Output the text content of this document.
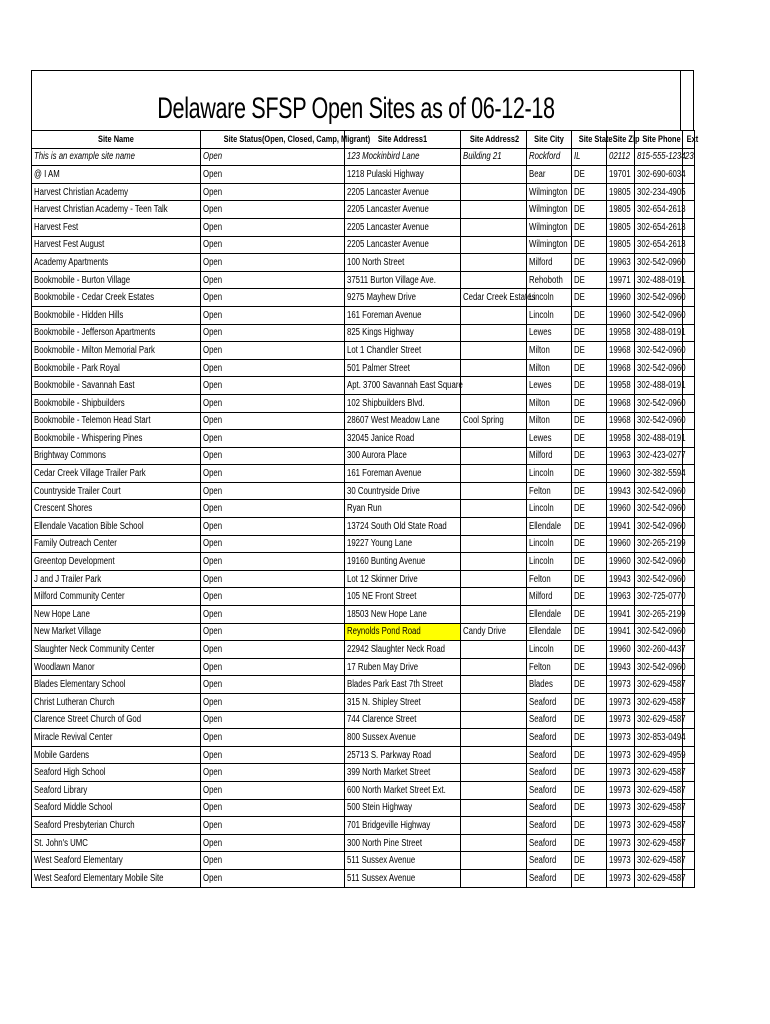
Delaware SFSP Open Sites as of 06-12-18
Site Name	Site Status(Open, Closed, Camp, Migrant)	Site Address1	Site Address2	Site City	Site State	Site Zip	Site Phone	Ext
This is an example site name	Open	123 Mockinbird Lane	Building 21	Rockford	IL	02112	815-555-1234	23
@ I AM	Open	1218 Pulaski Highway		Bear	DE	19701	302-690-6034	
Harvest Christian Academy	Open	2205 Lancaster Avenue		Wilmington	DE	19805	302-234-4905	
Harvest Christian Academy - Teen Talk	Open	2205 Lancaster Avenue		Wilmington	DE	19805	302-654-2613	
Harvest Fest	Open	2205 Lancaster Avenue		Wilmington	DE	19805	302-654-2613	
Harvest Fest August	Open	2205 Lancaster Avenue		Wilmington	DE	19805	302-654-2613	
Academy Apartments	Open	100 North Street		Milford	DE	19963	302-542-0960	
Bookmobile - Burton Village	Open	37511 Burton Village Ave.		Rehoboth	DE	19971	302-488-0191	
Bookmobile - Cedar Creek Estates	Open	9275 Mayhew Drive	Cedar Creek Estates	Lincoln	DE	19960	302-542-0960	
Bookmobile - Hidden Hills	Open	161 Foreman Avenue		Lincoln	DE	19960	302-542-0960	
Bookmobile - Jefferson Apartments	Open	825 Kings Highway		Lewes	DE	19958	302-488-0191	
Bookmobile - Milton Memorial Park	Open	Lot 1 Chandler Street		Milton	DE	19968	302-542-0960	
Bookmobile - Park Royal	Open	501 Palmer Street		Milton	DE	19968	302-542-0960	
Bookmobile - Savannah East	Open	Apt. 3700 Savannah East Square		Lewes	DE	19958	302-488-0191	
Bookmobile - Shipbuilders	Open	102 Shipbuilders Blvd.		Milton	DE	19968	302-542-0960	
Bookmobile - Telemon Head Start	Open	28607 West Meadow Lane	Cool Spring	Milton	DE	19968	302-542-0960	
Bookmobile - Whispering Pines	Open	32045 Janice Road		Lewes	DE	19958	302-488-0191	
Brightway Commons	Open	300 Aurora Place		Milford	DE	19963	302-423-0277	
Cedar Creek Village Trailer Park	Open	161 Foreman Avenue		Lincoln	DE	19960	302-382-5594	
Countryside Trailer Court	Open	30 Countryside Drive		Felton	DE	19943	302-542-0960	
Crescent Shores	Open	Ryan Run		Lincoln	DE	19960	302-542-0960	
Ellendale Vacation Bible School	Open	13724 South Old State Road		Ellendale	DE	19941	302-542-0960	
Family Outreach Center	Open	19227 Young Lane		Lincoln	DE	19960	302-265-2199	
Greentop Development	Open	19160 Bunting Avenue		Lincoln	DE	19960	302-542-0960	
J and J Trailer Park	Open	Lot 12 Skinner Drive		Felton	DE	19943	302-542-0960	
Milford Community Center	Open	105 NE Front Street		Milford	DE	19963	302-725-0770	
New Hope Lane	Open	18503 New Hope Lane		Ellendale	DE	19941	302-265-2199	
New Market Village	Open	Reynolds Pond Road	Candy Drive	Ellendale	DE	19941	302-542-0960	
Slaughter Neck Community Center	Open	22942 Slaughter Neck Road		Lincoln	DE	19960	302-260-4437	
Woodlawn Manor	Open	17 Ruben May Drive		Felton	DE	19943	302-542-0960	
Blades Elementary School	Open	Blades Park East 7th Street		Blades	DE	19973	302-629-4587	
Christ Lutheran Church	Open	315 N. Shipley Street		Seaford	DE	19973	302-629-4587	
Clarence Street Church of God	Open	744 Clarence Street		Seaford	DE	19973	302-629-4587	
Miracle Revival Center	Open	800 Sussex Avenue		Seaford	DE	19973	302-853-0494	
Mobile Gardens	Open	25713 S. Parkway Road		Seaford	DE	19973	302-629-4959	
Seaford High School	Open	399 North Market Street		Seaford	DE	19973	302-629-4587	
Seaford Library	Open	600 North Market Street Ext.		Seaford	DE	19973	302-629-4587	
Seaford Middle School	Open	500 Stein Highway		Seaford	DE	19973	302-629-4587	
Seaford Presbyterian Church	Open	701 Bridgeville Highway		Seaford	DE	19973	302-629-4587	
St. John's UMC	Open	300 North Pine Street		Seaford	DE	19973	302-629-4587	
West Seaford Elementary	Open	511 Sussex Avenue		Seaford	DE	19973	302-629-4587	
West Seaford Elementary Mobile Site	Open	511 Sussex Avenue		Seaford	DE	19973	302-629-4587	
